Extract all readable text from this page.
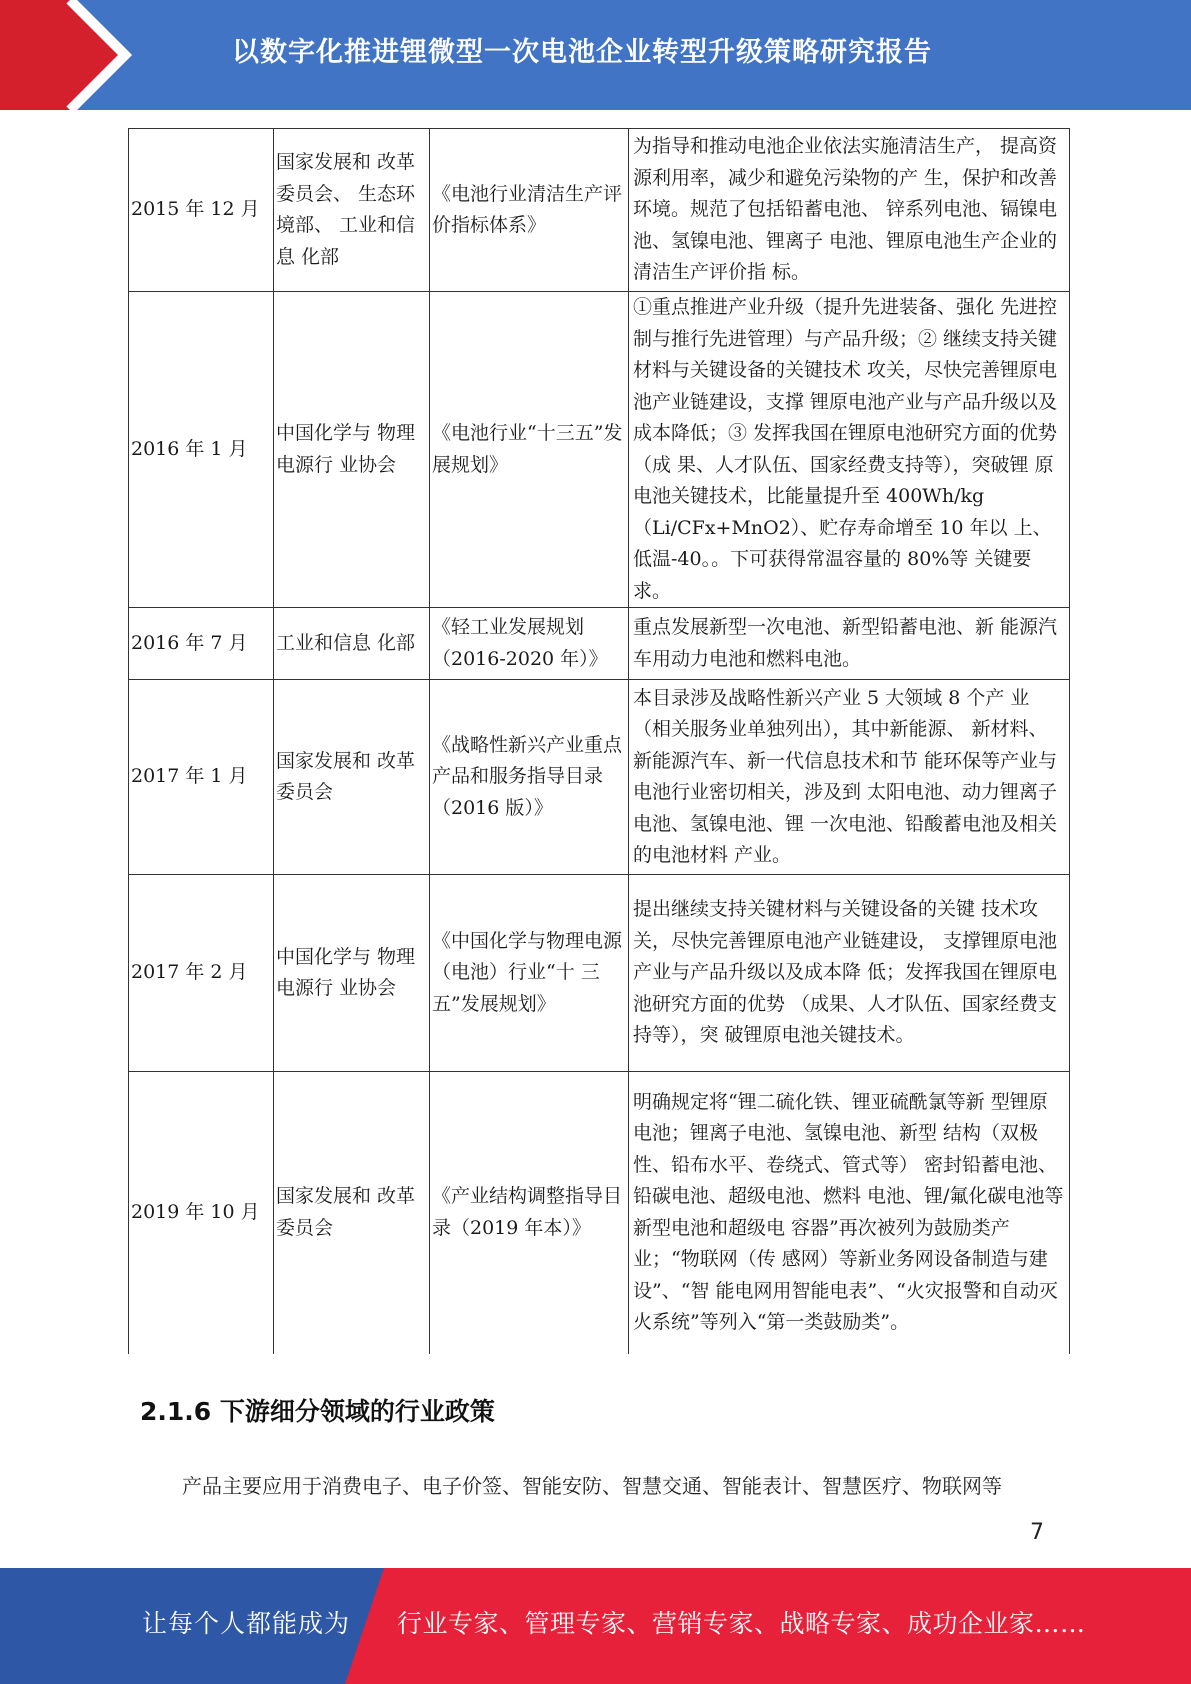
以数字化推进锂微型一次电池企业转型升级策略研究报告
2015 年 12 月	国家发展和 改革委员会、 生态环境部、 工业和信息 化部	《电池行业清洁生产评价指标体系》	为指导和推动电池企业依法实施清洁生产， 提高资源利用率，减少和避免污染物的产 生，保护和改善环境。规范了包括铅蓄电池、 锌系列电池、镉镍电池、氢镍电池、锂离子 电池、锂原电池生产企业的清洁生产评价指 标。
2016 年 1 月	中国化学与 物理电源行 业协会	《电池行业“十三五”发展规划》	①重点推进产业升级（提升先进装备、强化 先进控制与推行先进管理）与产品升级；② 继续支持关键材料与关键设备的关键技术 攻关，尽快完善锂原电池产业链建设，支撑 锂原电池产业与产品升级以及成本降低；③ 发挥我国在锂原电池研究方面的优势（成 果、人才队伍、国家经费支持等），突破锂 原电池关键技术，比能量提升至 400Wh/kg （Li/CFx+MnO2）、贮存寿命增至 10 年以 上、低温-40。。下可获得常温容量的 80%等 关键要求。
2016 年 7 月	工业和信息 化部	《轻工业发展规划（2016-2020 年）》	重点发展新型一次电池、新型铅蓄电池、新 能源汽车用动力电池和燃料电池。
2017 年 1 月	国家发展和 改革委员会	《战略性新兴产业重点产品和服务指导目录（2016 版）》	本目录涉及战略性新兴产业 5 大领域 8 个产 业（相关服务业单独列出），其中新能源、 新材料、新能源汽车、新一代信息技术和节 能环保等产业与电池行业密切相关，涉及到 太阳电池、动力锂离子电池、氢镍电池、锂 一次电池、铅酸蓄电池及相关的电池材料 产业。
2017 年 2 月	中国化学与 物理电源行 业协会	《中国化学与物理电源（电池）行业“十 三五”发展规划》	提出继续支持关键材料与关键设备的关键 技术攻关，尽快完善锂原电池产业链建设， 支撑锂原电池产业与产品升级以及成本降 低；发挥我国在锂原电池研究方面的优势 （成果、人才队伍、国家经费支持等），突 破锂原电池关键技术。
2019 年 10 月	国家发展和 改革委员会	《产业结构调整指导目录（2019 年本）》	明确规定将“锂二硫化铁、锂亚硫酰氯等新 型锂原电池；锂离子电池、氢镍电池、新型 结构（双极性、铅布水平、卷绕式、管式等） 密封铅蓄电池、铅碳电池、超级电池、燃料 电池、锂/氟化碳电池等新型电池和超级电 容器”再次被列为鼓励类产业；“物联网（传 感网）等新业务网设备制造与建设”、“智 能电网用智能电表”、“火灾报警和自动灭 火系统”等列入“第一类鼓励类”。
2.1.6 下游细分领域的行业政策
产品主要应用于消费电子、电子价签、智能安防、智慧交通、智能表计、智慧医疗、物联网等
7
让每个人都能成为 行业专家、管理专家、营销专家、战略专家、成功企业家……
